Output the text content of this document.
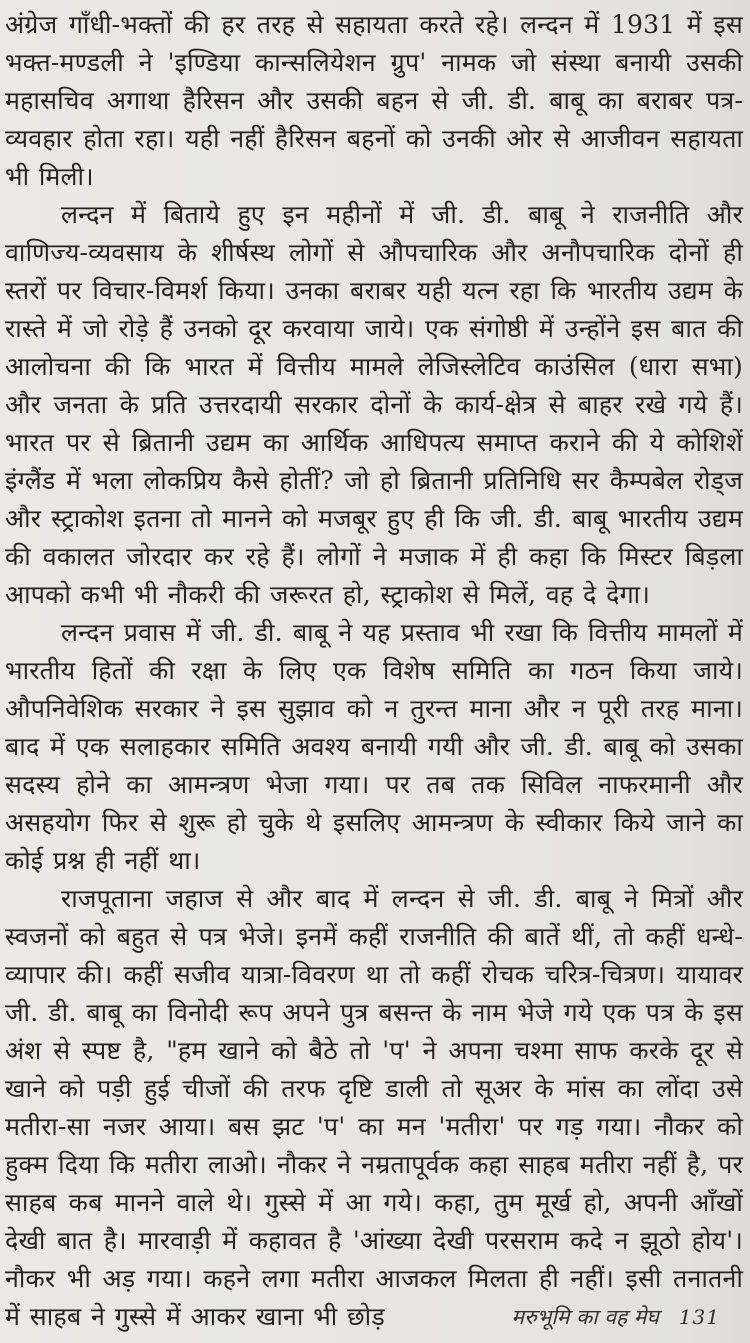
अंग्रेज गाँधी-भक्तों की हर तरह से सहायता करते रहे। लन्दन में 1931 में इस भक्त-मण्डली ने 'इण्डिया कान्सलियेशन ग्रुप' नामक जो संस्था बनायी उसकी महासचिव अगाथा हैरिसन और उसकी बहन से जी. डी. बाबू का बराबर पत्र-व्यवहार होता रहा। यही नहीं हैरिसन बहनों को उनकी ओर से आजीवन सहायता भी मिली।

लन्दन में बिताये हुए इन महीनों में जी. डी. बाबू ने राजनीति और वाणिज्य-व्यवसाय के शीर्षस्थ लोगों से औपचारिक और अनौपचारिक दोनों ही स्तरों पर विचार-विमर्श किया। उनका बराबर यही यत्न रहा कि भारतीय उद्यम के रास्ते में जो रोड़े हैं उनको दूर करवाया जाये। एक संगोष्ठी में उन्होंने इस बात की आलोचना की कि भारत में वित्तीय मामले लेजिस्लेटिव काउंसिल (धारा सभा) और जनता के प्रति उत्तरदायी सरकार दोनों के कार्य-क्षेत्र से बाहर रखे गये हैं। भारत पर से ब्रितानी उद्यम का आर्थिक आधिपत्य समाप्त कराने की ये कोशिशें इंग्लैंड में भला लोकप्रिय कैसे होतीं? जो हो ब्रितानी प्रतिनिधि सर कैम्पबेल रोड्ज और स्ट्राकोश इतना तो मानने को मजबूर हुए ही कि जी. डी. बाबू भारतीय उद्यम की वकालत जोरदार कर रहे हैं। लोगों ने मजाक में ही कहा कि मिस्टर बिड़ला आपको कभी भी नौकरी की जरूरत हो, स्ट्राकोश से मिलें, वह दे देगा।

लन्दन प्रवास में जी. डी. बाबू ने यह प्रस्ताव भी रखा कि वित्तीय मामलों में भारतीय हितों की रक्षा के लिए एक विशेष समिति का गठन किया जाये। औपनिवेशिक सरकार ने इस सुझाव को न तुरन्त माना और न पूरी तरह माना। बाद में एक सलाहकार समिति अवश्य बनायी गयी और जी. डी. बाबू को उसका सदस्य होने का आमन्त्रण भेजा गया। पर तब तक सिविल नाफरमानी और असहयोग फिर से शुरू हो चुके थे इसलिए आमन्त्रण के स्वीकार किये जाने का कोई प्रश्न ही नहीं था।

राजपूताना जहाज से और बाद में लन्दन से जी. डी. बाबू ने मित्रों और स्वजनों को बहुत से पत्र भेजे। इनमें कहीं राजनीति की बातें थीं, तो कहीं धन्धे-व्यापार की। कहीं सजीव यात्रा-विवरण था तो कहीं रोचक चरित्र-चित्रण। यायावर जी. डी. बाबू का विनोदी रूप अपने पुत्र बसन्त के नाम भेजे गये एक पत्र के इस अंश से स्पष्ट है, "हम खाने को बैठे तो 'प' ने अपना चश्मा साफ करके दूर से खाने को पड़ी हुई चीजों की तरफ दृष्टि डाली तो सूअर के मांस का लोंदा उसे मतीरा-सा नजर आया। बस झट 'प' का मन 'मतीरा' पर गड़ गया। नौकर को हुक्म दिया कि मतीरा लाओ। नौकर ने नम्रतापूर्वक कहा साहब मतीरा नहीं है, पर साहब कब मानने वाले थे। गुस्से में आ गये। कहा, तुम मूर्ख हो, अपनी आँखों देखी बात है। मारवाड़ी में कहावत है 'आंख्या देखी परसराम कदे न झूठो होय'। नौकर भी अड़ गया। कहने लगा मतीरा आजकल मिलता ही नहीं। इसी तनातनी में साहब ने गुस्से में आकर खाना भी छोड़	मरुभूमि का वह मेघ 131
